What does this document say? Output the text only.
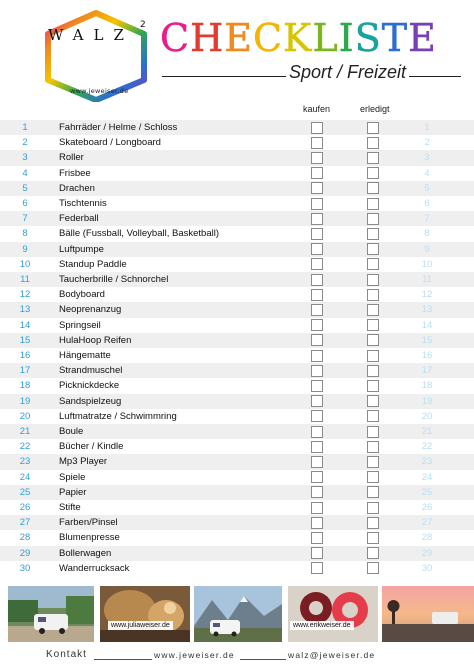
WALZ
2
www.jeweiser.de
CHECKLISTE
Sport / Freizeit
kaufen	erledigt
1	Fahrräder / Helme / Schloss	1
2	Skateboard / Longboard	2
3	Roller	3
4	Frisbee	4
5	Drachen	5
6	Tischtennis	6
7	Federball	7
8	Bälle (Fussball, Volleyball, Basketball)	8
9	Luftpumpe	9
10	Standup Paddle	10
11	Taucherbrille / Schnorchel	11
12	Bodyboard	12
13	Neoprenanzug	13
14	Springseil	14
15	HulaHoop Reifen	15
16	Hängematte	16
17	Strandmuschel	17
18	Picknickdecke	18
19	Sandspielzeug	19
20	Luftmatratze / Schwimmring	20
21	Boule	21
22	Bücher / Kindle	22
23	Mp3 Player	23
24	Spiele	24
25	Papier	25
26	Stifte	26
27	Farben/Pinsel	27
28	Blumenpresse	28
29	Bollerwagen	29
30	Wanderrucksack	30
www.juliaweiser.de	www.erikweiser.de
Kontakt	www.jeweiser.de	walz@jeweiser.de
